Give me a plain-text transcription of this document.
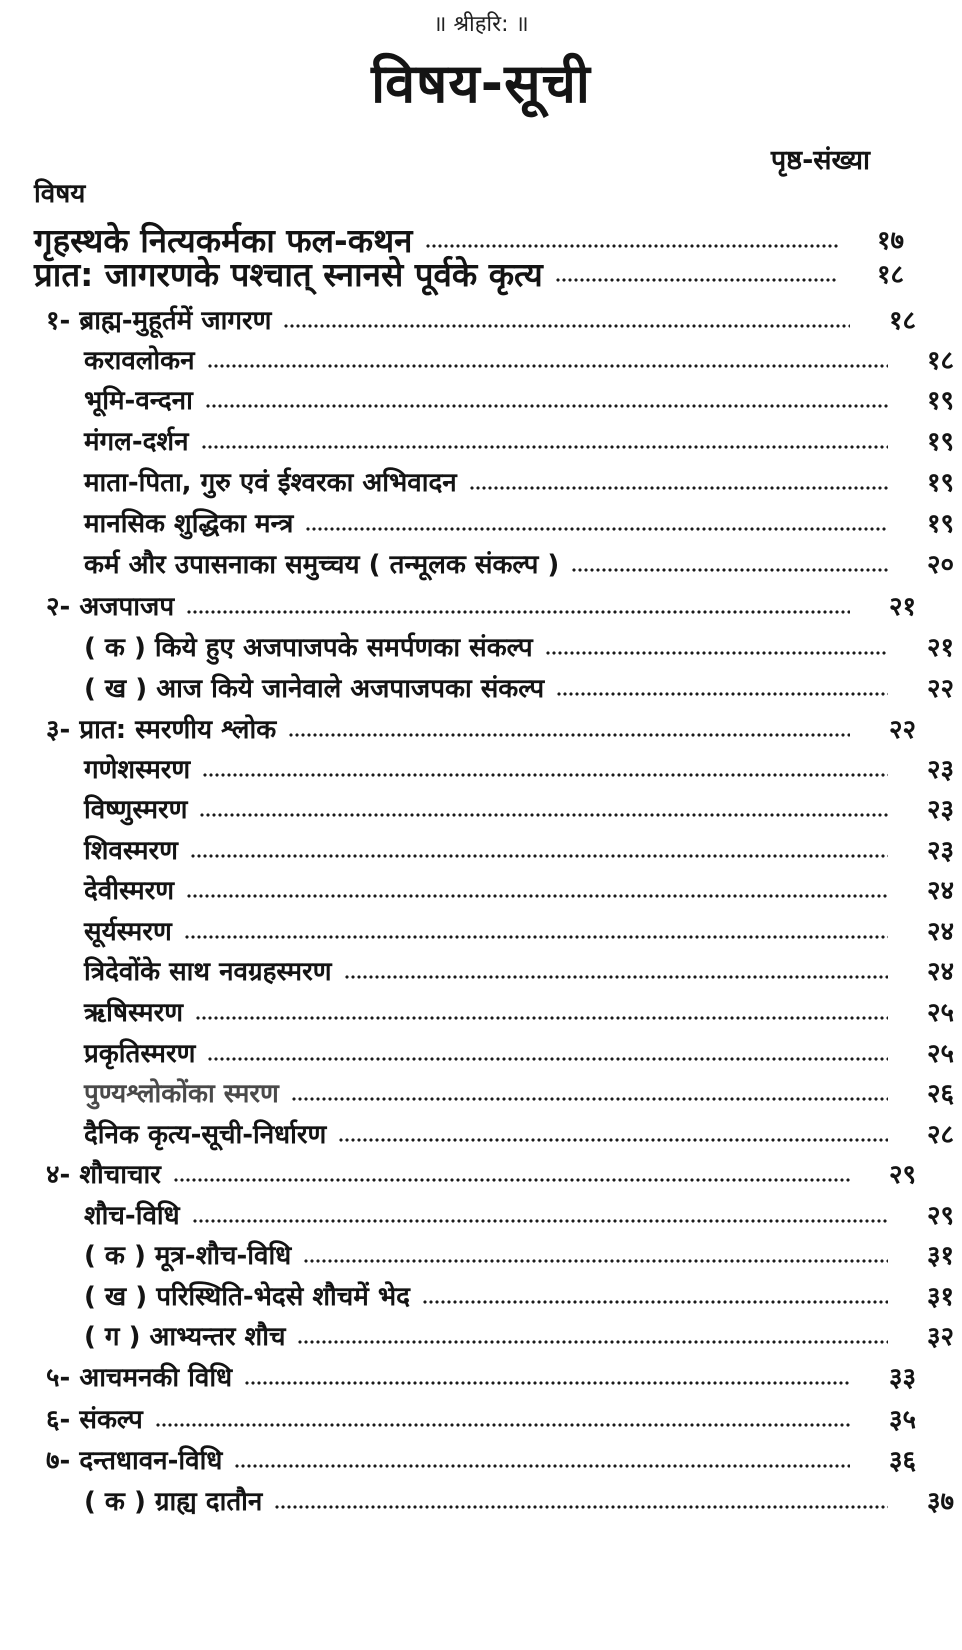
॥ श्रीहरि: ॥
विषय-सूची
पृष्ठ-संख्या
विषय
गृहस्थके नित्यकर्मका फल-कथन	१७
प्रात: जागरणके पश्चात् स्नानसे पूर्वके कृत्य	१८
१- ब्राह्म-मुहूर्तमें जागरण	१८
करावलोकन	१८
भूमि-वन्दना	१९
मंगल-दर्शन	१९
माता-पिता, गुरु एवं ईश्वरका अभिवादन	१९
मानसिक शुद्धिका मन्त्र	१९
कर्म और उपासनाका समुच्चय ( तन्मूलक संकल्प )	२०
२- अजपाजप	२१
( क ) किये हुए अजपाजपके समर्पणका संकल्प	२१
( ख ) आज किये जानेवाले अजपाजपका संकल्प	२२
३- प्रात: स्मरणीय श्लोक	२२
गणेशस्मरण	२३
विष्णुस्मरण	२३
शिवस्मरण	२३
देवीस्मरण	२४
सूर्यस्मरण	२४
त्रिदेवोंके साथ नवग्रहस्मरण	२४
ऋषिस्मरण	२५
प्रकृतिस्मरण	२५
पुण्यश्लोकोंका स्मरण	२६
दैनिक कृत्य-सूची-निर्धारण	२८
४- शौचाचार	२९
शौच-विधि	२९
( क ) मूत्र-शौच-विधि	३१
( ख ) परिस्थिति-भेदसे शौचमें भेद	३१
( ग ) आभ्यन्तर शौच	३२
५- आचमनकी विधि	३३
६- संकल्प	३५
७- दन्तधावन-विधि	३६
( क ) ग्राह्य दातौन	३७
